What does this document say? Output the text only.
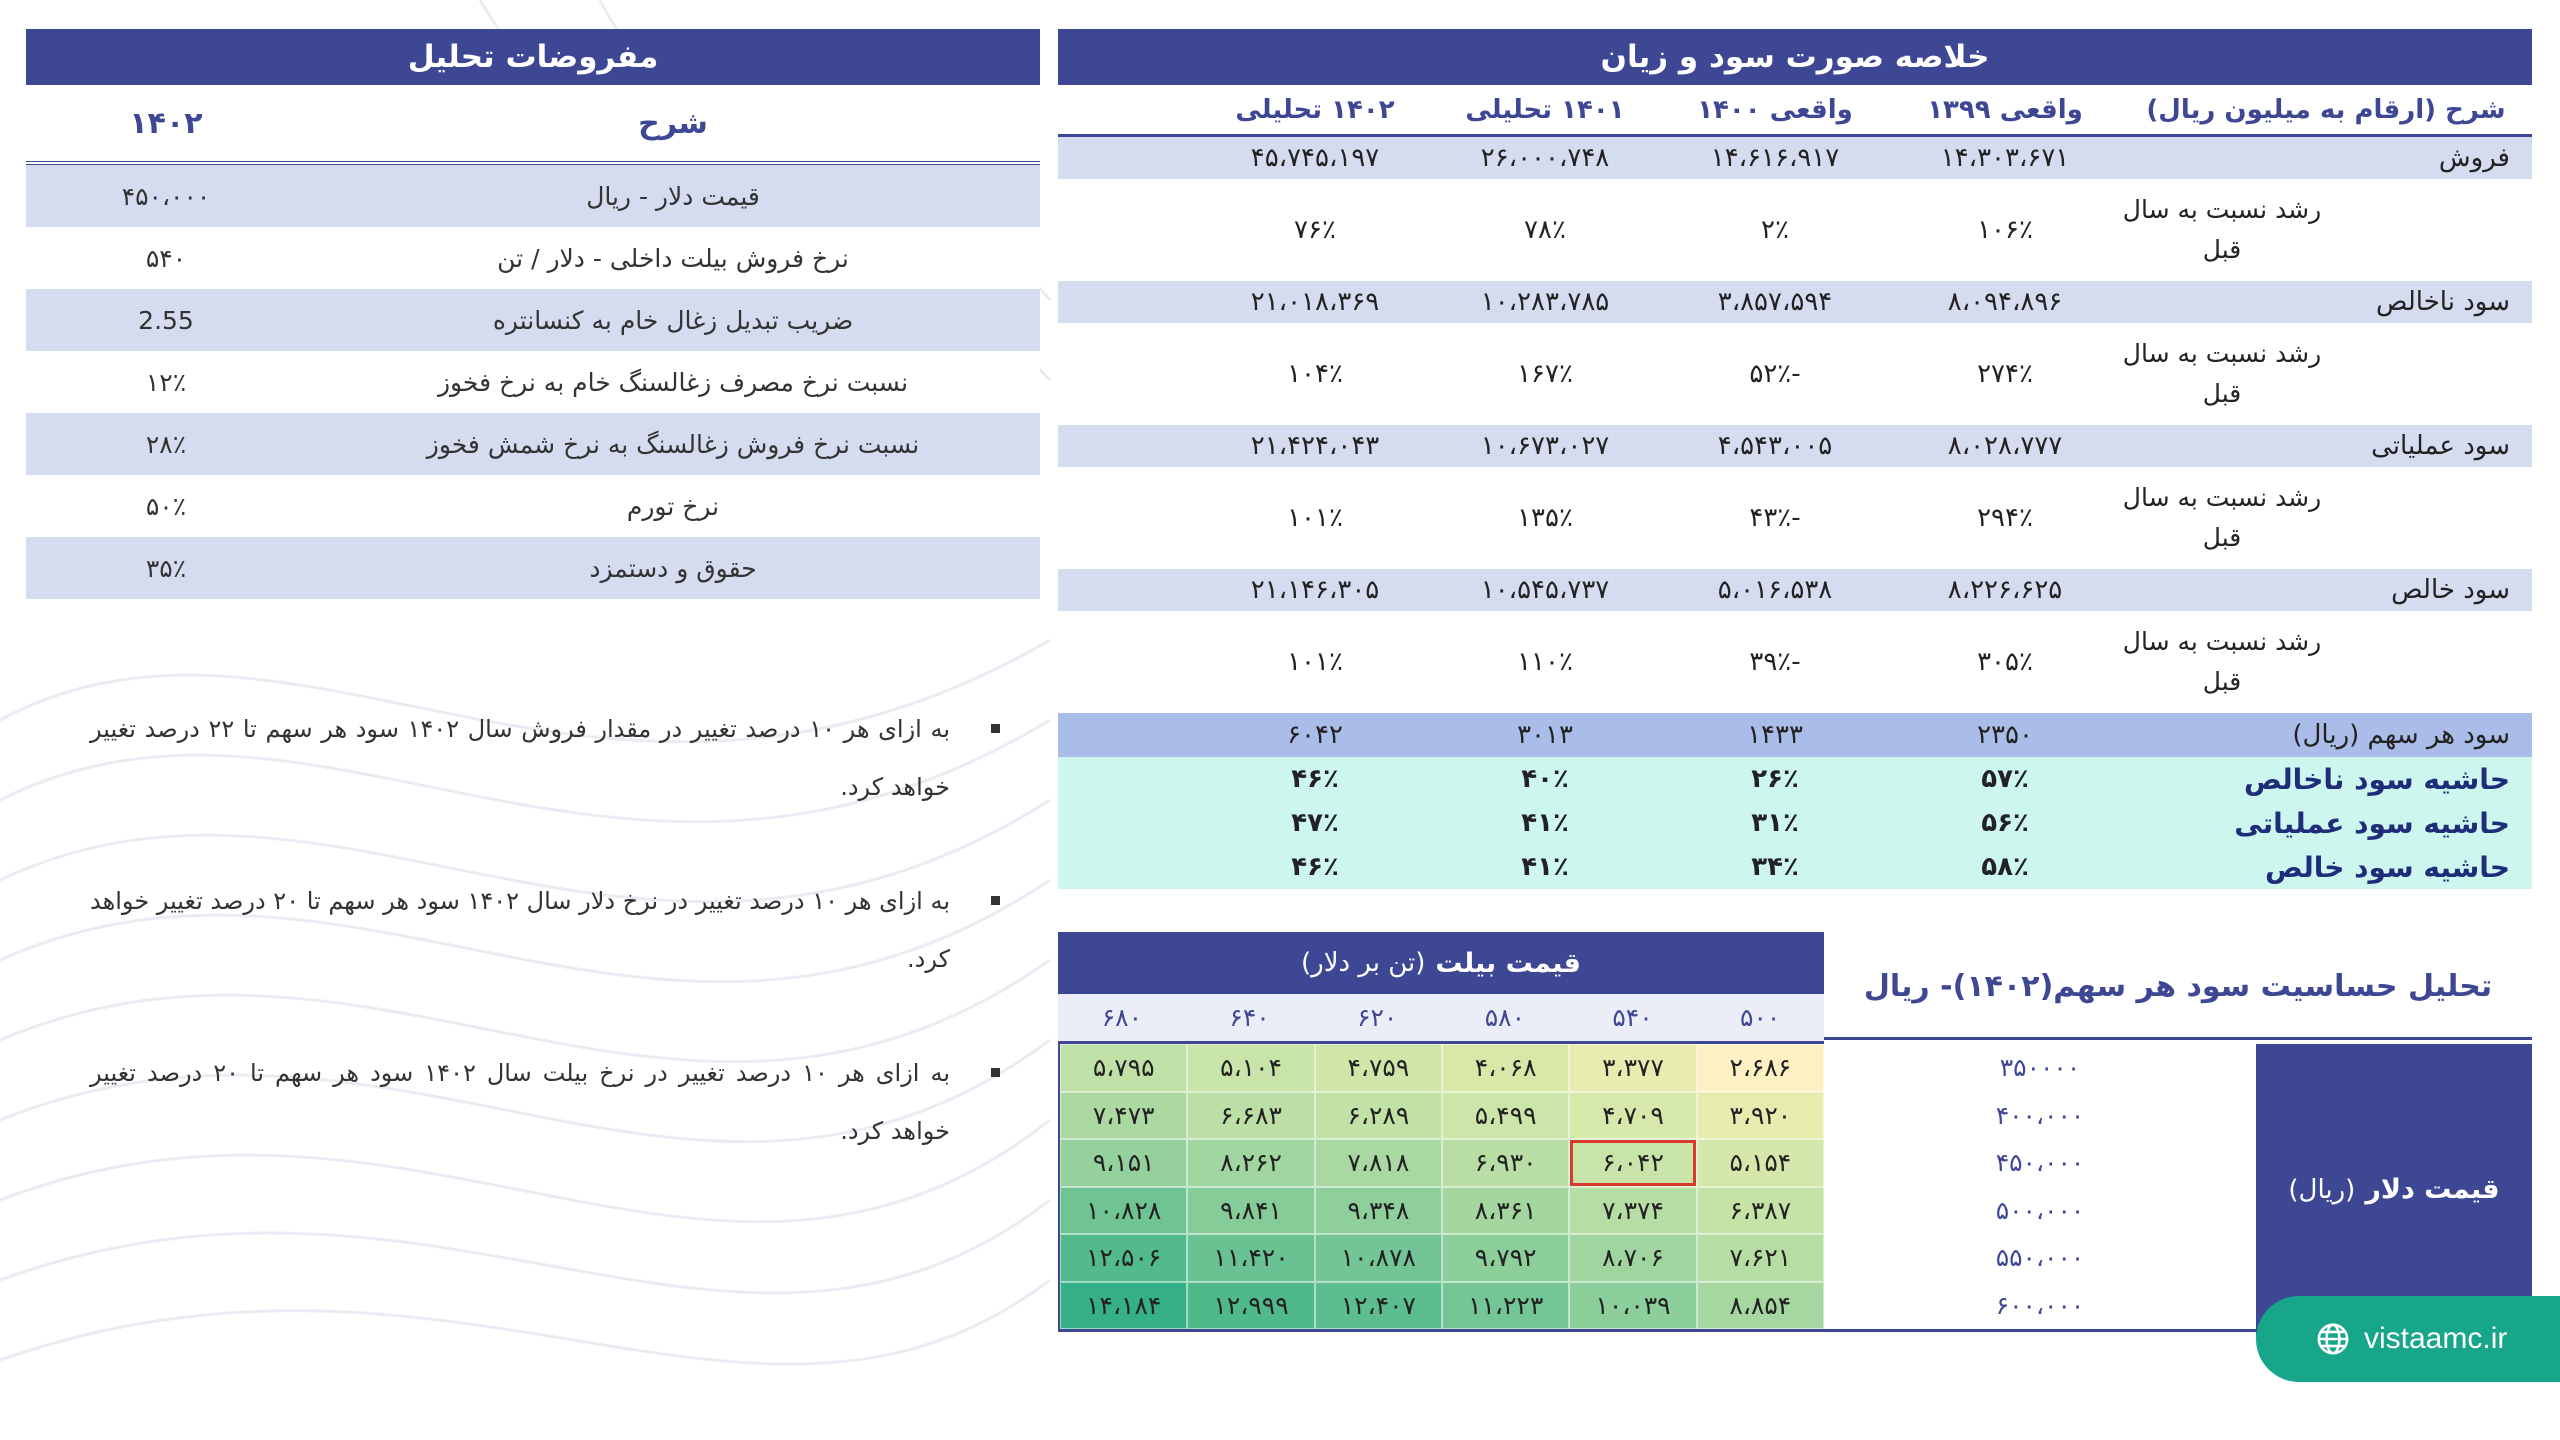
مفروضات تحلیل
شرح
۱۴۰۲
قیمت دلار - ریال
۴۵۰،۰۰۰
نرخ فروش بیلت داخلی - دلار / تن
۵۴۰
ضریب تبدیل زغال خام به کنسانتره
2.55
نسبت نرخ مصرف زغالسنگ خام به نرخ فخوز
۱۲٪
نسبت نرخ فروش زغالسنگ به نرخ شمش فخوز
۲۸٪
نرخ تورم
۵۰٪
حقوق و دستمزد
۳۵٪
به ازای هر ۱۰ درصد تغییر در مقدار فروش سال ۱۴۰۲ سود هر سهم تا ۲۲ درصد تغییر خواهد کرد.
به ازای هر ۱۰ درصد تغییر در نرخ دلار سال ۱۴۰۲ سود هر سهم تا ۲۰ درصد تغییر خواهد کرد.
به ازای هر ۱۰ درصد تغییر در نرخ بیلت سال ۱۴۰۲ سود هر سهم تا ۲۰ درصد تغییر خواهد کرد.
خلاصه صورت سود و زیان
شرح (ارقام به میلیون ریال)
واقعی ۱۳۹۹
واقعی ۱۴۰۰
۱۴۰۱ تحلیلی
۱۴۰۲ تحلیلی
فروش
۱۴،۳۰۳،۶۷۱
۱۴،۶۱۶،۹۱۷
۲۶،۰۰۰،۷۴۸
۴۵،۷۴۵،۱۹۷
رشد نسبت به سال قبل
۱۰۶٪
۲٪
۷۸٪
۷۶٪
سود ناخالص
۸،۰۹۴،۸۹۶
۳،۸۵۷،۵۹۴
۱۰،۲۸۳،۷۸۵
۲۱،۰۱۸،۳۶۹
رشد نسبت به سال قبل
۲۷۴٪
-۵۲٪
۱۶۷٪
۱۰۴٪
سود عملیاتی
۸،۰۲۸،۷۷۷
۴،۵۴۳،۰۰۵
۱۰،۶۷۳،۰۲۷
۲۱،۴۲۴،۰۴۳
رشد نسبت به سال قبل
۲۹۴٪
-۴۳٪
۱۳۵٪
۱۰۱٪
سود خالص
۸،۲۲۶،۶۲۵
۵،۰۱۶،۵۳۸
۱۰،۵۴۵،۷۳۷
۲۱،۱۴۶،۳۰۵
رشد نسبت به سال قبل
۳۰۵٪
-۳۹٪
۱۱۰٪
۱۰۱٪
سود هر سهم (ریال)
۲۳۵۰
۱۴۳۳
۳۰۱۳
۶۰۴۲
حاشیه سود ناخالص
۵۷٪
۲۶٪
۴۰٪
۴۶٪
حاشیه سود عملیاتی
۵۶٪
۳۱٪
۴۱٪
۴۷٪
حاشیه سود خالص
۵۸٪
۳۴٪
۴۱٪
۴۶٪
تحلیل حساسیت سود هر سهم(۱۴۰۲)- ریال
قیمت بیلت
(تن بر دلار)
۵۰۰
۵۴۰
۵۸۰
۶۲۰
۶۴۰
۶۸۰
۲،۶۸۶
۳،۳۷۷
۴،۰۶۸
۴،۷۵۹
۵،۱۰۴
۵،۷۹۵
۳،۹۲۰
۴،۷۰۹
۵،۴۹۹
۶،۲۸۹
۶،۶۸۳
۷،۴۷۳
۵،۱۵۴
۶،۰۴۲
۶،۹۳۰
۷،۸۱۸
۸،۲۶۲
۹،۱۵۱
۶،۳۸۷
۷،۳۷۴
۸،۳۶۱
۹،۳۴۸
۹،۸۴۱
۱۰،۸۲۸
۷،۶۲۱
۸،۷۰۶
۹،۷۹۲
۱۰،۸۷۸
۱۱،۴۲۰
۱۲،۵۰۶
۸،۸۵۴
۱۰،۰۳۹
۱۱،۲۲۳
۱۲،۴۰۷
۱۲،۹۹۹
۱۴،۱۸۴
۳۵۰۰۰۰
۴۰۰،۰۰۰
۴۵۰،۰۰۰
۵۰۰،۰۰۰
۵۵۰،۰۰۰
۶۰۰،۰۰۰
قیمت دلار
(ریال)
vistaamc.ir
